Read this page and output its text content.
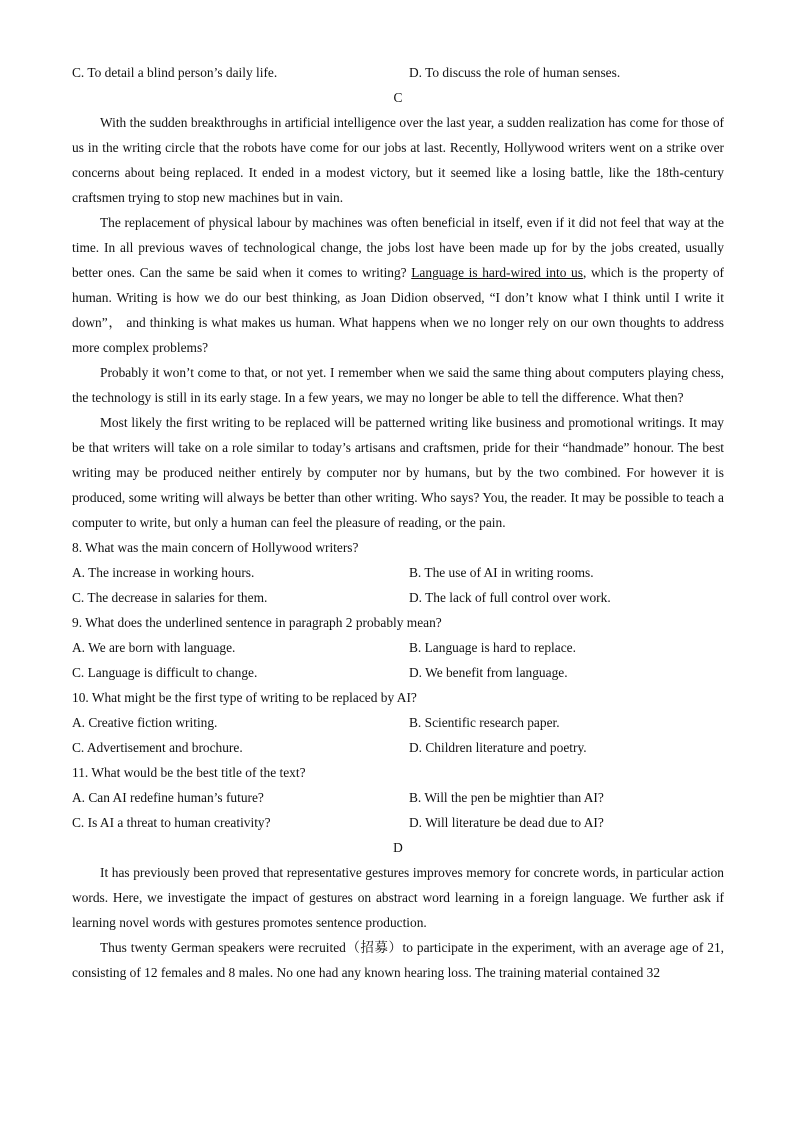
C. To detail a blind person’s daily life.	D. To discuss the role of human senses.
C

With the sudden breakthroughs in artificial intelligence over the last year, a sudden realization has come for those of us in the writing circle that the robots have come for our jobs at last. Recently, Hollywood writers went on a strike over concerns about being replaced. It ended in a modest victory, but it seemed like a losing battle, like the 18th-century craftsmen trying to stop new machines but in vain.

The replacement of physical labour by machines was often beneficial in itself, even if it did not feel that way at the time. In all previous waves of technological change, the jobs lost have been made up for by the jobs created, usually better ones. Can the same be said when it comes to writing? Language is hard-wired into us, which is the property of human. Writing is how we do our best thinking, as Joan Didion observed, “I don’t know what I think until I write it down”， and thinking is what makes us human. What happens when we no longer rely on our own thoughts to address more complex problems?

Probably it won’t come to that, or not yet. I remember when we said the same thing about computers playing chess, the technology is still in its early stage. In a few years, we may no longer be able to tell the difference. What then?

Most likely the first writing to be replaced will be patterned writing like business and promotional writings. It may be that writers will take on a role similar to today’s artisans and craftsmen, pride for their “handmade” honour. The best writing may be produced neither entirely by computer nor by humans, but by the two combined. For however it is produced, some writing will always be better than other writing. Who says? You, the reader. It may be possible to teach a computer to write, but only a human can feel the pleasure of reading, or the pain.

8. What was the main concern of Hollywood writers?
A. The increase in working hours.	B. The use of AI in writing rooms.
C. The decrease in salaries for them.	D. The lack of full control over work.
9. What does the underlined sentence in paragraph 2 probably mean?
A. We are born with language.	B. Language is hard to replace.
C. Language is difficult to change.	D. We benefit from language.
10. What might be the first type of writing to be replaced by AI?
A. Creative fiction writing.	B. Scientific research paper.
C. Advertisement and brochure.	D. Children literature and poetry.
11. What would be the best title of the text?
A. Can AI redefine human’s future?	B. Will the pen be mightier than AI?
C. Is AI a threat to human creativity?	D. Will literature be dead due to AI?
D

It has previously been proved that representative gestures improves memory for concrete words, in particular action words. Here, we investigate the impact of gestures on abstract word learning in a foreign language. We further ask if learning novel words with gestures promotes sentence production.

Thus twenty German speakers were recruited（招募）to participate in the experiment, with an average age of 21, consisting of 12 females and 8 males. No one had any known hearing loss. The training material contained 32
